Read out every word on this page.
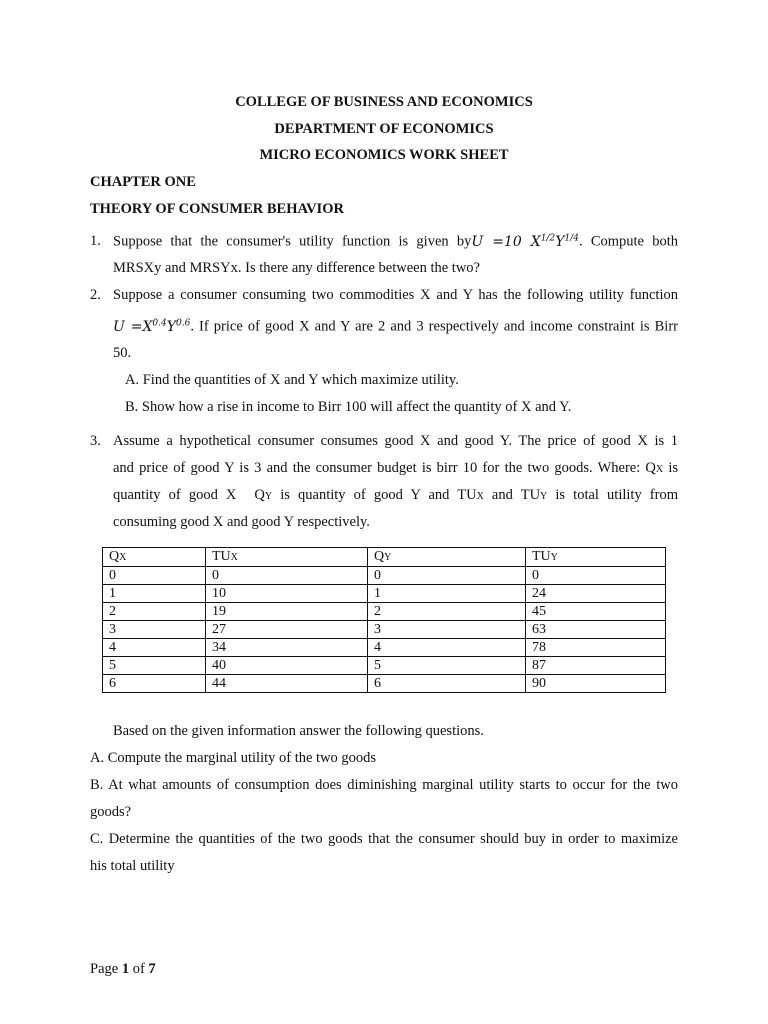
COLLEGE OF BUSINESS AND ECONOMICS
DEPARTMENT OF ECONOMICS
MICRO ECONOMICS WORK SHEET
CHAPTER ONE
THEORY OF CONSUMER BEHAVIOR
1. Suppose that the consumer's utility function is given byU =10 $X^{1/2}Y^{1/4}$. Compute both
MRSXy and MRSYx. Is there any difference between the two?
2. Suppose a consumer consuming two commodities X and Y has the following utility function
$U =X^{0.4}Y^{0.6}$. If price of good X and Y are 2 and 3 respectively and income constraint is Birr
50.
A. Find the quantities of X and Y which maximize utility.
B. Show how a rise in income to Birr 100 will affect the quantity of X and Y.
3. Assume a hypothetical consumer consumes good X and good Y. The price of good X is 1
and price of good Y is 3 and the consumer budget is birr 10 for the two goods. Where: QX is
quantity of good X QY is quantity of good Y and TUX and TUY is total utility from
consuming good X and good Y respectively.
QX	TUX	QY	TUY
0	0	0	0
1	10	1	24
2	19	2	45
3	27	3	63
4	34	4	78
5	40	5	87
6	44	6	90
Based on the given information answer the following questions.
A. Compute the marginal utility of the two goods
B. At what amounts of consumption does diminishing marginal utility starts to occur for the two
goods?
C. Determine the quantities of the two goods that the consumer should buy in order to maximize
his total utility
Page 1 of 7
